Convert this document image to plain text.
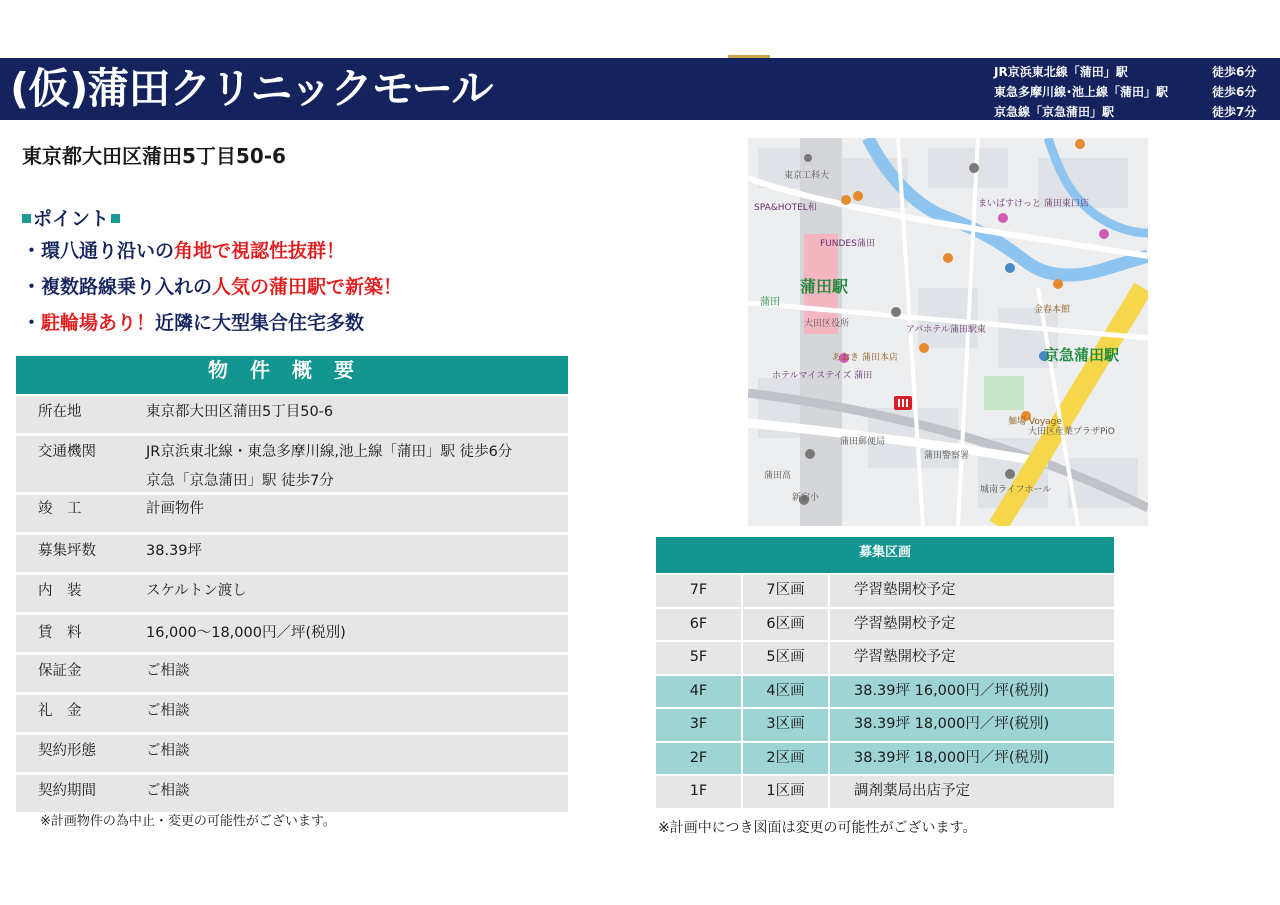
(仮)蒲田クリニックモール	JR京浜東北線「蒲田」駅	徒歩6分
東急多摩川線･池上線「蒲田」駅	徒歩6分
京急線「京急蒲田」駅	徒歩7分
東京都大田区蒲田5丁目50-6
ポイント
・環八通り沿いの角地で視認性抜群！
・複数路線乗り入れの人気の蒲田駅で新築！
・駐輪場あり！近隣に大型集合住宅多数
物件概要
所在地	東京都大田区蒲田5丁目50-6
交通機関	JR京浜東北線・東急多摩川線,池上線「蒲田」駅 徒歩6分
京急「京急蒲田」駅 徒歩7分
竣　工	計画物件
募集坪数	38.39坪
内　装	スケルトン渡し
賃　料	16,000～18,000円／坪(税別)
保証金	ご相談
礼　金	ご相談
契約形態	ご相談
契約期間	ご相談
※計画物件の為中止・変更の可能性がございます。
蒲田駅
京急蒲田駅
蒲田
FUNDES蒲田
SPA&HOTEL和
あおき 蒲田本店
ホテルマイステイズ 蒲田
アパホテル蒲田駅東
金春本館
大田区役所
大田区産業プラザPiO
麺場 Voyage
城南ライフホール
東京工科大
まいばすけっと 蒲田東口店
新宿小
蒲田高
蒲田郵便局
蒲田警察署
募集区画
7F	7区画	学習塾開校予定
6F	6区画	学習塾開校予定
5F	5区画	学習塾開校予定
4F	4区画	38.39坪 16,000円／坪(税別)
3F	3区画	38.39坪 18,000円／坪(税別)
2F	2区画	38.39坪 18,000円／坪(税別)
1F	1区画	調剤薬局出店予定
※計画中につき図面は変更の可能性がございます。
